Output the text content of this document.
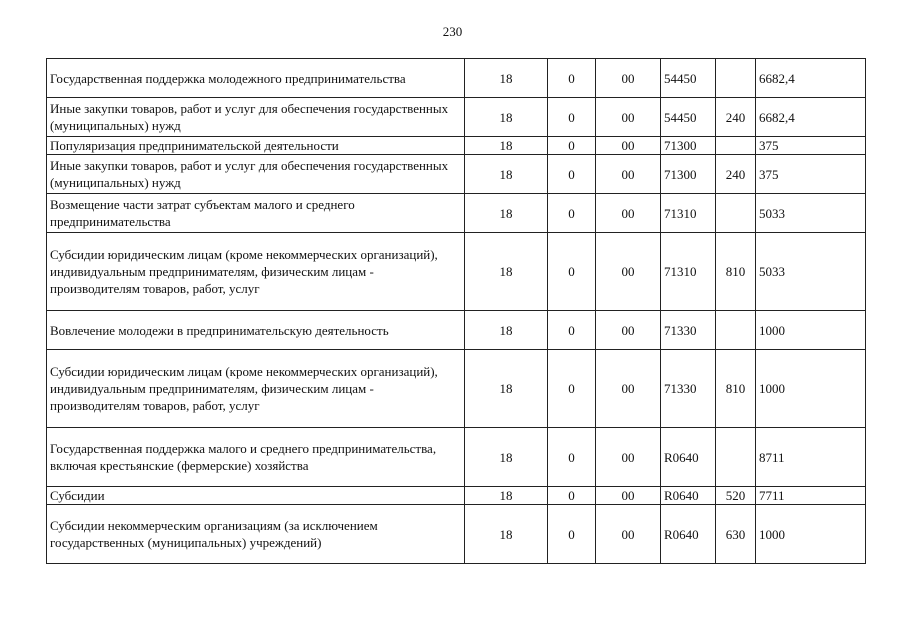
230
Государственная поддержка молодежного предпринимательства	18	0	00	54450		6682,4
Иные закупки товаров, работ и услуг для обеспечения государственных (муниципальных) нужд	18	0	00	54450	240	6682,4
Популяризация предпринимательской деятельности	18	0	00	71300		375
Иные закупки товаров, работ и услуг для обеспечения государственных (муниципальных) нужд	18	0	00	71300	240	375
Возмещение части затрат субъектам малого и среднего предпринимательства	18	0	00	71310		5033
Субсидии юридическим лицам (кроме некоммерческих организаций), индивидуальным предпринимателям, физическим лицам - производителям товаров, работ, услуг	18	0	00	71310	810	5033
Вовлечение молодежи в предпринимательскую деятельность	18	0	00	71330		1000
Субсидии юридическим лицам (кроме некоммерческих организаций), индивидуальным предпринимателям, физическим лицам - производителям товаров, работ, услуг	18	0	00	71330	810	1000
Государственная поддержка малого и среднего предпринимательства, включая крестьянские (фермерские) хозяйства	18	0	00	R0640		8711
Субсидии	18	0	00	R0640	520	7711
Субсидии некоммерческим организациям (за исключением государственных (муниципальных) учреждений)	18	0	00	R0640	630	1000
